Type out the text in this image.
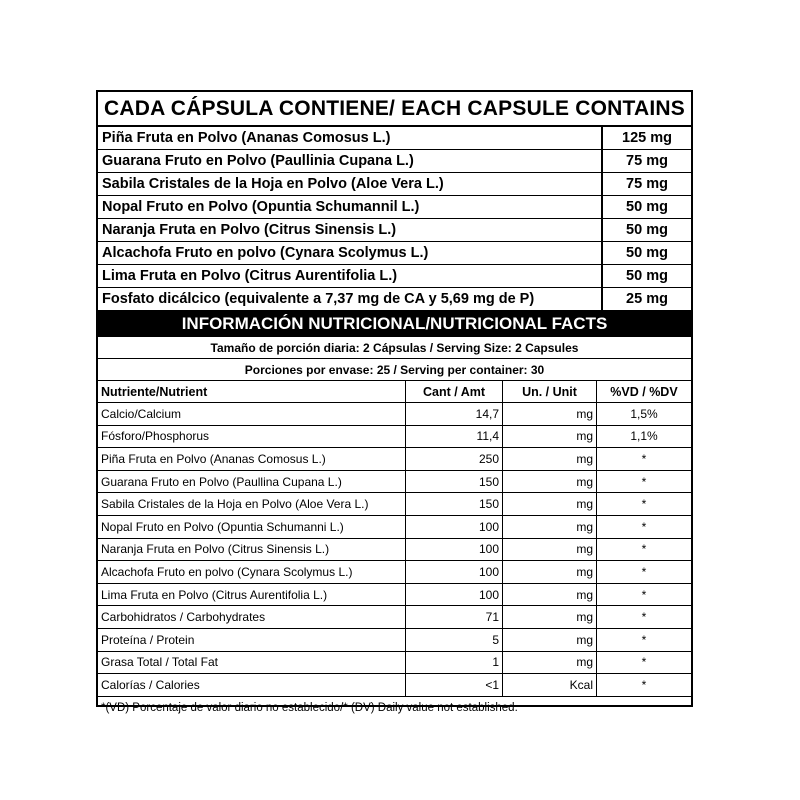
CADA CÁPSULA CONTIENE/ EACH CAPSULE CONTAINS
Piña Fruta en Polvo (Ananas Comosus L.)	125 mg
Guarana Fruto en Polvo (Paullinia Cupana L.)	75 mg
Sabila Cristales de la Hoja en Polvo (Aloe Vera L.)	75 mg
Nopal Fruto en Polvo (Opuntia Schumannil L.)	50 mg
Naranja Fruta en Polvo (Citrus Sinensis L.)	50 mg
Alcachofa Fruto en polvo (Cynara Scolymus L.)	50 mg
Lima Fruta en Polvo (Citrus Aurentifolia L.)	50 mg
Fosfato dicálcico (equivalente a 7,37 mg de CA y 5,69 mg de P)	25 mg
INFORMACIÓN NUTRICIONAL/NUTRICIONAL FACTS
Tamaño de porción diaria: 2 Cápsulas / Serving Size: 2 Capsules
Porciones por envase: 25 / Serving per container: 30
Nutriente/Nutrient	Cant / Amt	Un. / Unit	%VD / %DV
Calcio/Calcium	14,7	mg	1,5%
Fósforo/Phosphorus	11,4	mg	1,1%
Piña Fruta en Polvo (Ananas Comosus L.)	250	mg	*
Guarana Fruto en Polvo (Paullina Cupana L.)	150	mg	*
Sabila Cristales de la Hoja en Polvo (Aloe Vera L.)	150	mg	*
Nopal Fruto en Polvo (Opuntia Schumanni L.)	100	mg	*
Naranja Fruta en Polvo (Citrus Sinensis L.)	100	mg	*
Alcachofa Fruto en polvo (Cynara Scolymus L.)	100	mg	*
Lima Fruta en Polvo (Citrus Aurentifolia L.)	100	mg	*
Carbohidratos / Carbohydrates	71	mg	*
Proteína / Protein	5	mg	*
Grasa Total / Total Fat	1	mg	*
Calorías / Calories	<1	Kcal	*
*(VD) Porcentaje de valor diario no establecido/* (DV) Daily value not established.
